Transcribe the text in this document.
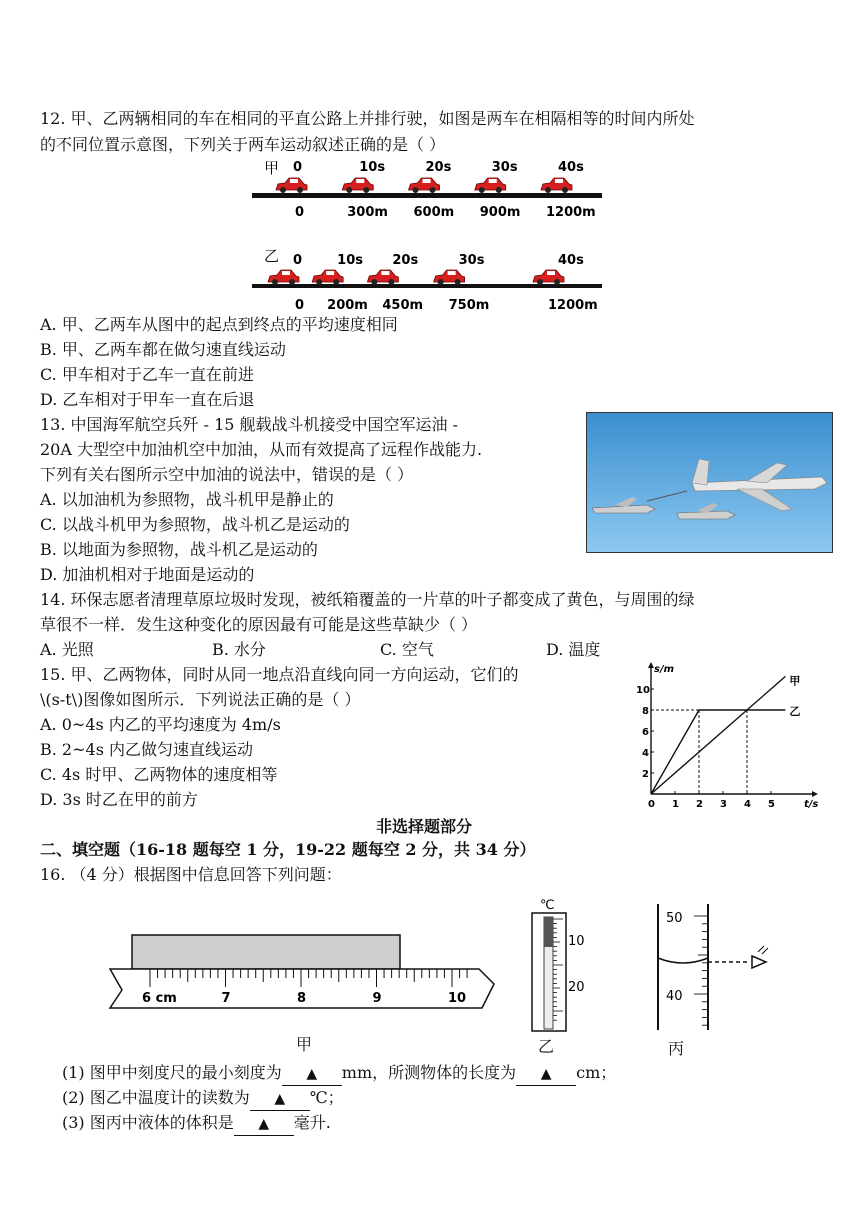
12. 甲、乙两辆相同的车在相同的平直公路上并排行驶，如图是两车在相隔相等的时间内所处
的不同位置示意图，下列关于两车运动叙述正确的是（ ）
甲
乙
0
0
10s
300m
20s
600m
30s
900m
40s
1200m
0
0
10s
200m
20s
450m
30s
750m
40s
1200m
A. 甲、乙两车从图中的起点到终点的平均速度相同
B. 甲、乙两车都在做匀速直线运动
C. 甲车相对于乙车一直在前进
D. 乙车相对于甲车一直在后退
13. 中国海军航空兵歼 - 15 舰载战斗机接受中国空军运油 -
20A 大型空中加油机空中加油，从而有效提高了远程作战能力.
下列有关右图所示空中加油的说法中，错误的是（ ）
A. 以加油机为参照物，战斗机甲是静止的
C. 以战斗机甲为参照物，战斗机乙是运动的
B. 以地面为参照物，战斗机乙是运动的
D. 加油机相对于地面是运动的
14. 环保志愿者清理草原垃圾时发现，被纸箱覆盖的一片草的叶子都变成了黄色，与周围的绿
草很不一样．发生这种变化的原因最有可能是这些草缺少（ ）
A. 光照	B. 水分	C. 空气	D. 温度
15. 甲、乙两物体，同时从同一地点沿直线向同一方向运动，它们的
\(s-t\)图像如图所示．下列说法正确的是（ ）
A. 0~4s 内乙的平均速度为 4m/s
B. 2~4s 内乙做匀速直线运动
C. 4s 时甲、乙两物体的速度相等
D. 3s 时乙在甲的前方	0 1 2 3 4 5
2
4
6
8
10
甲
乙
s/m
t/s
非选择题部分
二、填空题（16-18 题每空 1 分，19-22 题每空 2 分，共 34 分）
16. （4 分）根据图中信息回答下列问题：
6 cm	7	8	9	10
甲
℃
10
20
乙
50
40
丙
(1) 图甲中刻度尺的最小刻度为 ▲ mm，所测物体的长度为 ▲ cm；
(2) 图乙中温度计的读数为 ▲ ℃；
(3) 图丙中液体的体积是 ▲ 毫升.
